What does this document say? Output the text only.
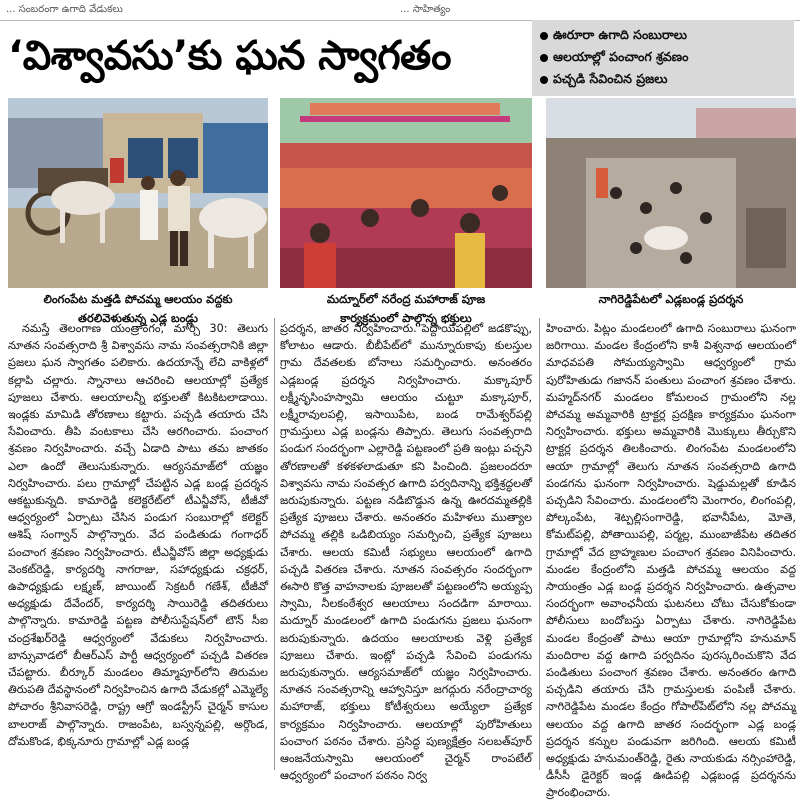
... సంబరంగా ఉగాది వేడుకలు	... సాహిత్యం
‘విశ్వావసు’కు ఘన స్వాగతం	ఊరూరా ఉగాది సంబురాలు
ఆలయాల్లో పంచాంగ శ్రవణం
పచ్చడి సేవించిన ప్రజలు
లింగంపేట మత్తడి పోచమ్మ ఆలయం వద్దకు
తరలివెళుతున్న ఎడ్ల బండ్లు
మద్నూర్‌లో నరేంద్ర మహారాజ్‌ పూజ
కార్యక్రమంలో పాల్గొన్న భక్తులు
నాగిరెడ్డిపేటలో ఎడ్లబండ్ల ప్రదర్శన

నమస్తే తెలంగాణ యంత్రాంగం, మార్చి 30: తెలుగు నూతన సంవత్సరాది శ్రీ విశ్వావసు నామ సంవత్సరానికి జిల్లా ప్రజలు ఘన స్వాగతం పలికారు. ఉదయాన్నే లేచి వాకిళ్లలో కల్లాపి చల్లారు. స్నానాలు ఆచరించి ఆలయాల్లో ప్రత్యేక పూజలు చేశారు. ఆలయాలన్నీ భక్తులతో కిటకిటలాడాయి. ఇండ్లకు మామిడి తోరణాలు కట్టారు. పచ్చడి తయారు చేసి సేవించారు. తీపి వంటకాలు చేసి ఆరగించారు. పంచాంగ శ్రవణం నిర్వహించారు. వచ్చే ఏడాది పాటు తమ జాతకం ఎలా ఉందో తెలుసుకున్నారు. ఆర్యసమాజ్‌లో యజ్ఞం నిర్వహించారు. పలు గ్రామాల్లో చేపట్టిన ఎడ్ల బండ్ల ప్రదర్శన ఆకట్టుకున్నది. కామారెడ్డి కలెక్టరేట్‌లో టీఎన్జీవోస్‌, టీజీవో ఆధ్వర్యంలో ఏర్పాటు చేసిన పండుగ సంబురాల్లో కలెక్టర్‌ ఆశిష్‌ సంగ్వాన్‌ పాల్గొన్నారు. వేద పండితుడు గంగాధర్‌ పంచాంగ శ్రవణం నిర్వహించారు. టీఎన్జీవోస్‌ జిల్లా అధ్యక్షుడు వెంకట్‌రెడ్డి, కార్యదర్శి నాగరాజు, సహాధ్యక్షుడు చక్రధర్‌, ఉపాధ్యక్షుడు లక్ష్మణ్‌, జాయింట్‌ సెక్రటరీ గణేశ్‌, టీజీవో అధ్యక్షుడు దేవేందర్‌, కార్యదర్శి సాయిరెడ్డి తదితరులు పాల్గొన్నారు. కామారెడ్డి పట్టణ పోలీసుస్టేషన్‌లో టౌన్‌ సీఐ చంద్రశేఖర్‌రెడ్డి ఆధ్వర్యంలో వేడుకలు నిర్వహించారు. బాన్సువాడలో బీఆర్‌ఎస్‌ పార్టీ ఆధ్వర్యంలో పచ్చడి వితరణ చేపట్టారు. బీర్కూర్‌ మండలం తిమ్మాపూర్‌లోని తిరుమల తిరుపతి దేవస్థానంలో నిర్వహించిన ఉగాది వేడుకల్లో ఎమ్మెల్యే పోచారం శ్రీనివాసరెడ్డి, రాష్ట్ర ఆగ్రో ఇండస్ట్రీస్‌ చైర్మన్‌ కాసుల బాలరాజ్‌ పాల్గొన్నారు. రాజంపేట, బస్వన్నపల్లి, అర్గొండ, దోమకొండ, భిక్కనూరు గ్రామాల్లో ఎడ్ల బండ్ల

ప్రదర్శన, జాతర నిర్వహించారు. పెద్దాయిపల్లిలో జడకొప్పు, కోలాటం ఆడారు. బీబీపేట్‌లో మున్నూరుకాపు కులస్తుల గ్రామ దేవతలకు బోనాలు సమర్పించారు. అనంతరం ఎడ్లబండ్ల ప్రదర్శన నిర్వహించారు. మక్కాపూర్‌ లక్ష్మీనృసింహస్వామి ఆలయం చుట్టూ మక్కాపూర్‌, లక్ష్మీరావులపల్లి, ఇసాయిపేట, బండ రామేశ్వర్‌పల్లి గ్రామస్తులు ఎడ్ల బండ్లను తిప్పారు. తెలుగు సంవత్సరాది పండుగ సందర్భంగా ఎల్లారెడ్డి పట్టణంలో ప్రతి ఇంట్లు పచ్చని తోరణాలతో కళకళలాడుతూ కని పించింది. ప్రజలందరూ విశ్వావసు నామ సంవత్సర ఉగాది పర్వదినాన్ని భక్తిశ్రద్ధలతో జరుపుకున్నారు. పట్టణ నడిబొడ్డున ఉన్న ఊరదమ్మతల్లికి ప్రత్యేక పూజలు చేశారు. అనంతరం మహిళలు ముత్యాల పోచమ్మ తల్లికి ఒడిబియ్యం సమర్పించి, ప్రత్యేక పూజలు చేశారు. ఆలయ కమిటీ సభ్యులు ఆలయంలో ఉగాది పచ్చడి వితరణ చేశారు. నూతన సంవత్సరం సందర్భంగా ఈసారి కొత్త వాహనాలకు పూజలతో పట్టణంలోని అయ్యప్ప స్వామి, నీలకంఠేశ్వర ఆలయాలు సందడిగా మారాయి. మద్నూర్‌ మండలంలో ఉగాది పండుగను ప్రజలు ఘనంగా జరుపుకున్నారు. ఉదయం ఆలయాలకు వెళ్లి ప్రత్యేక పూజలు చేశారు. ఇంట్లో పచ్చడి సేవించి పండుగను జరుపుకున్నారు. ఆర్యసమాజ్‌లో యజ్ఞం నిర్వహించారు. నూతన సంవత్సరాన్ని ఆహ్వానిస్తూ జగద్గురు నరేంద్రాచార్య మహారాజ్‌, భక్తులు కోటీశ్వరులు అయ్యేలా ప్రత్యేక కార్యక్రమం నిర్వహించారు. ఆలయాల్లో పురోహితులు పంచాంగ పఠనం చేశారు. ప్రసిద్ధ పుణ్యక్షేత్రం సలబత్‌పూర్‌ ఆంజనేయస్వామి ఆలయంలో చైర్మన్‌ రాంపటేల్‌ ఆధ్వర్యంలో పంచాంగ పఠనం నిర్వ

హించారు. పిట్లం మండలంలో ఉగాది సంబురాలు ఘనంగా జరిగాయి. మండల కేంద్రంలోని కాశీ విశ్వనాథ ఆలయంలో మాధవపతి సోమయ్యస్వామి ఆధ్వర్యంలో గ్రామ పురోహితుడు గజానన్‌ పంతులు పంచాంగ శ్రవణం చేశారు. మహ్మద్‌నగర్‌ మండలం కోమలంచ గ్రామంలోని నల్ల పోచమ్మ అమ్మవారికి ట్రాక్టర్ల ప్రదక్షిణ కార్యక్రమం ఘనంగా నిర్వహించారు. భక్తులు అమ్మవారికి మొక్కులు తీర్చుకొని ట్రాక్టర్ల ప్రదర్శన తిలకించారు. లింగంపేట మండలంలోని ఆయా గ్రామాల్లో తెలుగు నూతన సంవత్సరాది ఉగాది పండగను ఘనంగా నిర్వహించారు. షెడ్డుమల్లతో కూడిన పచ్చడిని సేవించారు. మండలంలోని మెంగారం, లింగంపల్లి, పోల్కంపేట, శెట్పల్లిసంగారెడ్డి, భవానీపేట, మోతె, కోమట్‌పల్లి, పోతాయిపల్లి, పర్మల్ల, ముంబాజీపేట తదితర గ్రామాల్లో వేద బ్రాహ్మణుల పంచాంగ శ్రవణం వినిపించారు. మండల కేంద్రంలోని మత్తడి పోచమ్మ ఆలయం వద్ద సాయంత్రం ఎడ్ల బండ్ల ప్రదర్శన నిర్వహించారు. ఉత్సవాల సందర్భంగా అవాంఛనీయ ఘటనలు చోటు చేసుకోకుండా పోలీసులు బందోబస్తు ఏర్పాటు చేశారు. నాగిరెడ్డిపేట మండల కేంద్రంతో పాటు ఆయా గ్రామాల్లోని హనుమాన్‌ మందిరాల వద్ద ఉగాది పర్వదినం పురస్కరించుకొని వేద పండితులు పంచాంగ శ్రవణం చేశారు. అనంతరం ఉగాది పచ్చడిని తయారు చేసి గ్రామస్తులకు పంపిణీ చేశారు. నాగిరెడ్డిపేట మండల కేంద్రం గోపాల్‌పేట్‌లోని నల్ల పోచమ్మ ఆలయం వద్ద ఉగాది జాతర సందర్భంగా ఎడ్ల బండ్ల ప్రదర్శన కన్నుల పండువగా జరిగింది. ఆలయ కమిటీ అధ్యక్షుడు హనుమంత్‌రెడ్డి, రైతు నాయకుడు నర్సింహారెడ్డి, డీసీసీ డైరెక్టర్‌ ఇండ్ల ఊడిపల్లి ఎడ్లబండ్ల ప్రదర్శనను ప్రారంభించారు.
